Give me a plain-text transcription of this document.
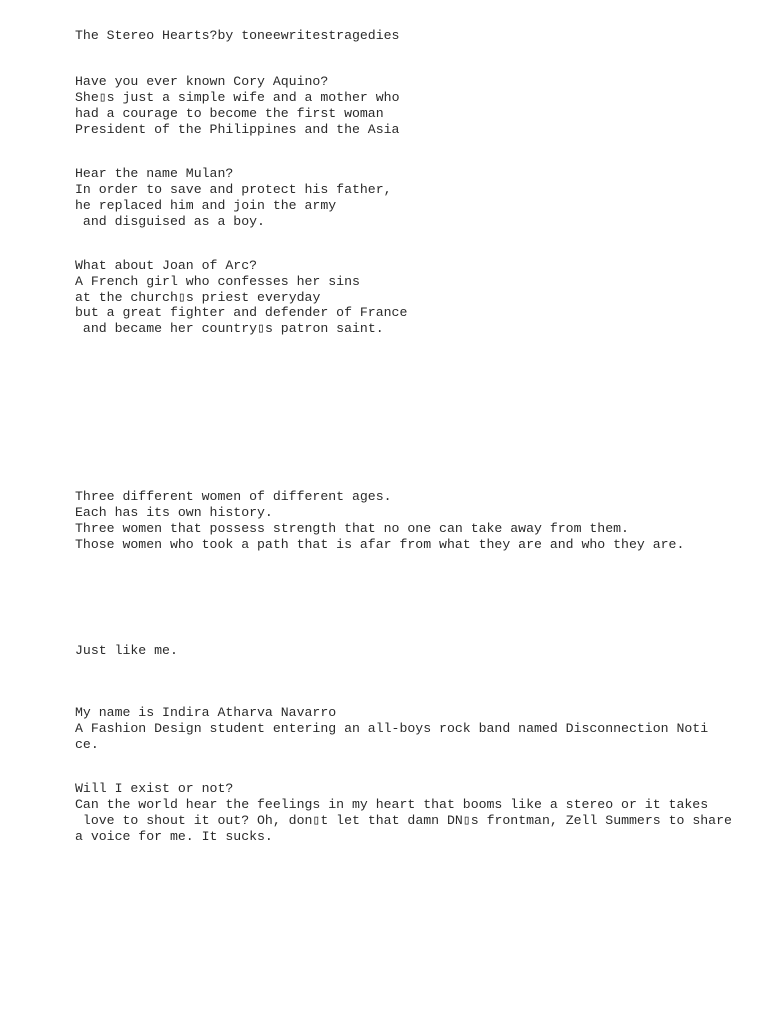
The Stereo Hearts?by toneewritestragedies

Have you ever known Cory Aquino?

She▯s just a simple wife and a mother who

had a courage to become the first woman

President of the Philippines and the Asia

Hear the name Mulan?

In order to save and protect his father,

he replaced him and join the army

and disguised as a boy.

What about Joan of Arc?

A French girl who confesses her sins

at the church▯s priest everyday

but a great fighter and defender of France

and became her country▯s patron saint.

Three different women of different ages.

Each has its own history.

Three women that possess strength that no one can take away from them.

Those women who took a path that is afar from what they are and who they are.

Just like me.

My name is Indira Atharva Navarro

A Fashion Design student entering an all-boys rock band named Disconnection Noti

ce.

Will I exist or not?

Can the world hear the feelings in my heart that booms like a stereo or it takes

love to shout it out? Oh, don▯t let that damn DN▯s frontman, Zell Summers to share

a voice for me. It sucks.
